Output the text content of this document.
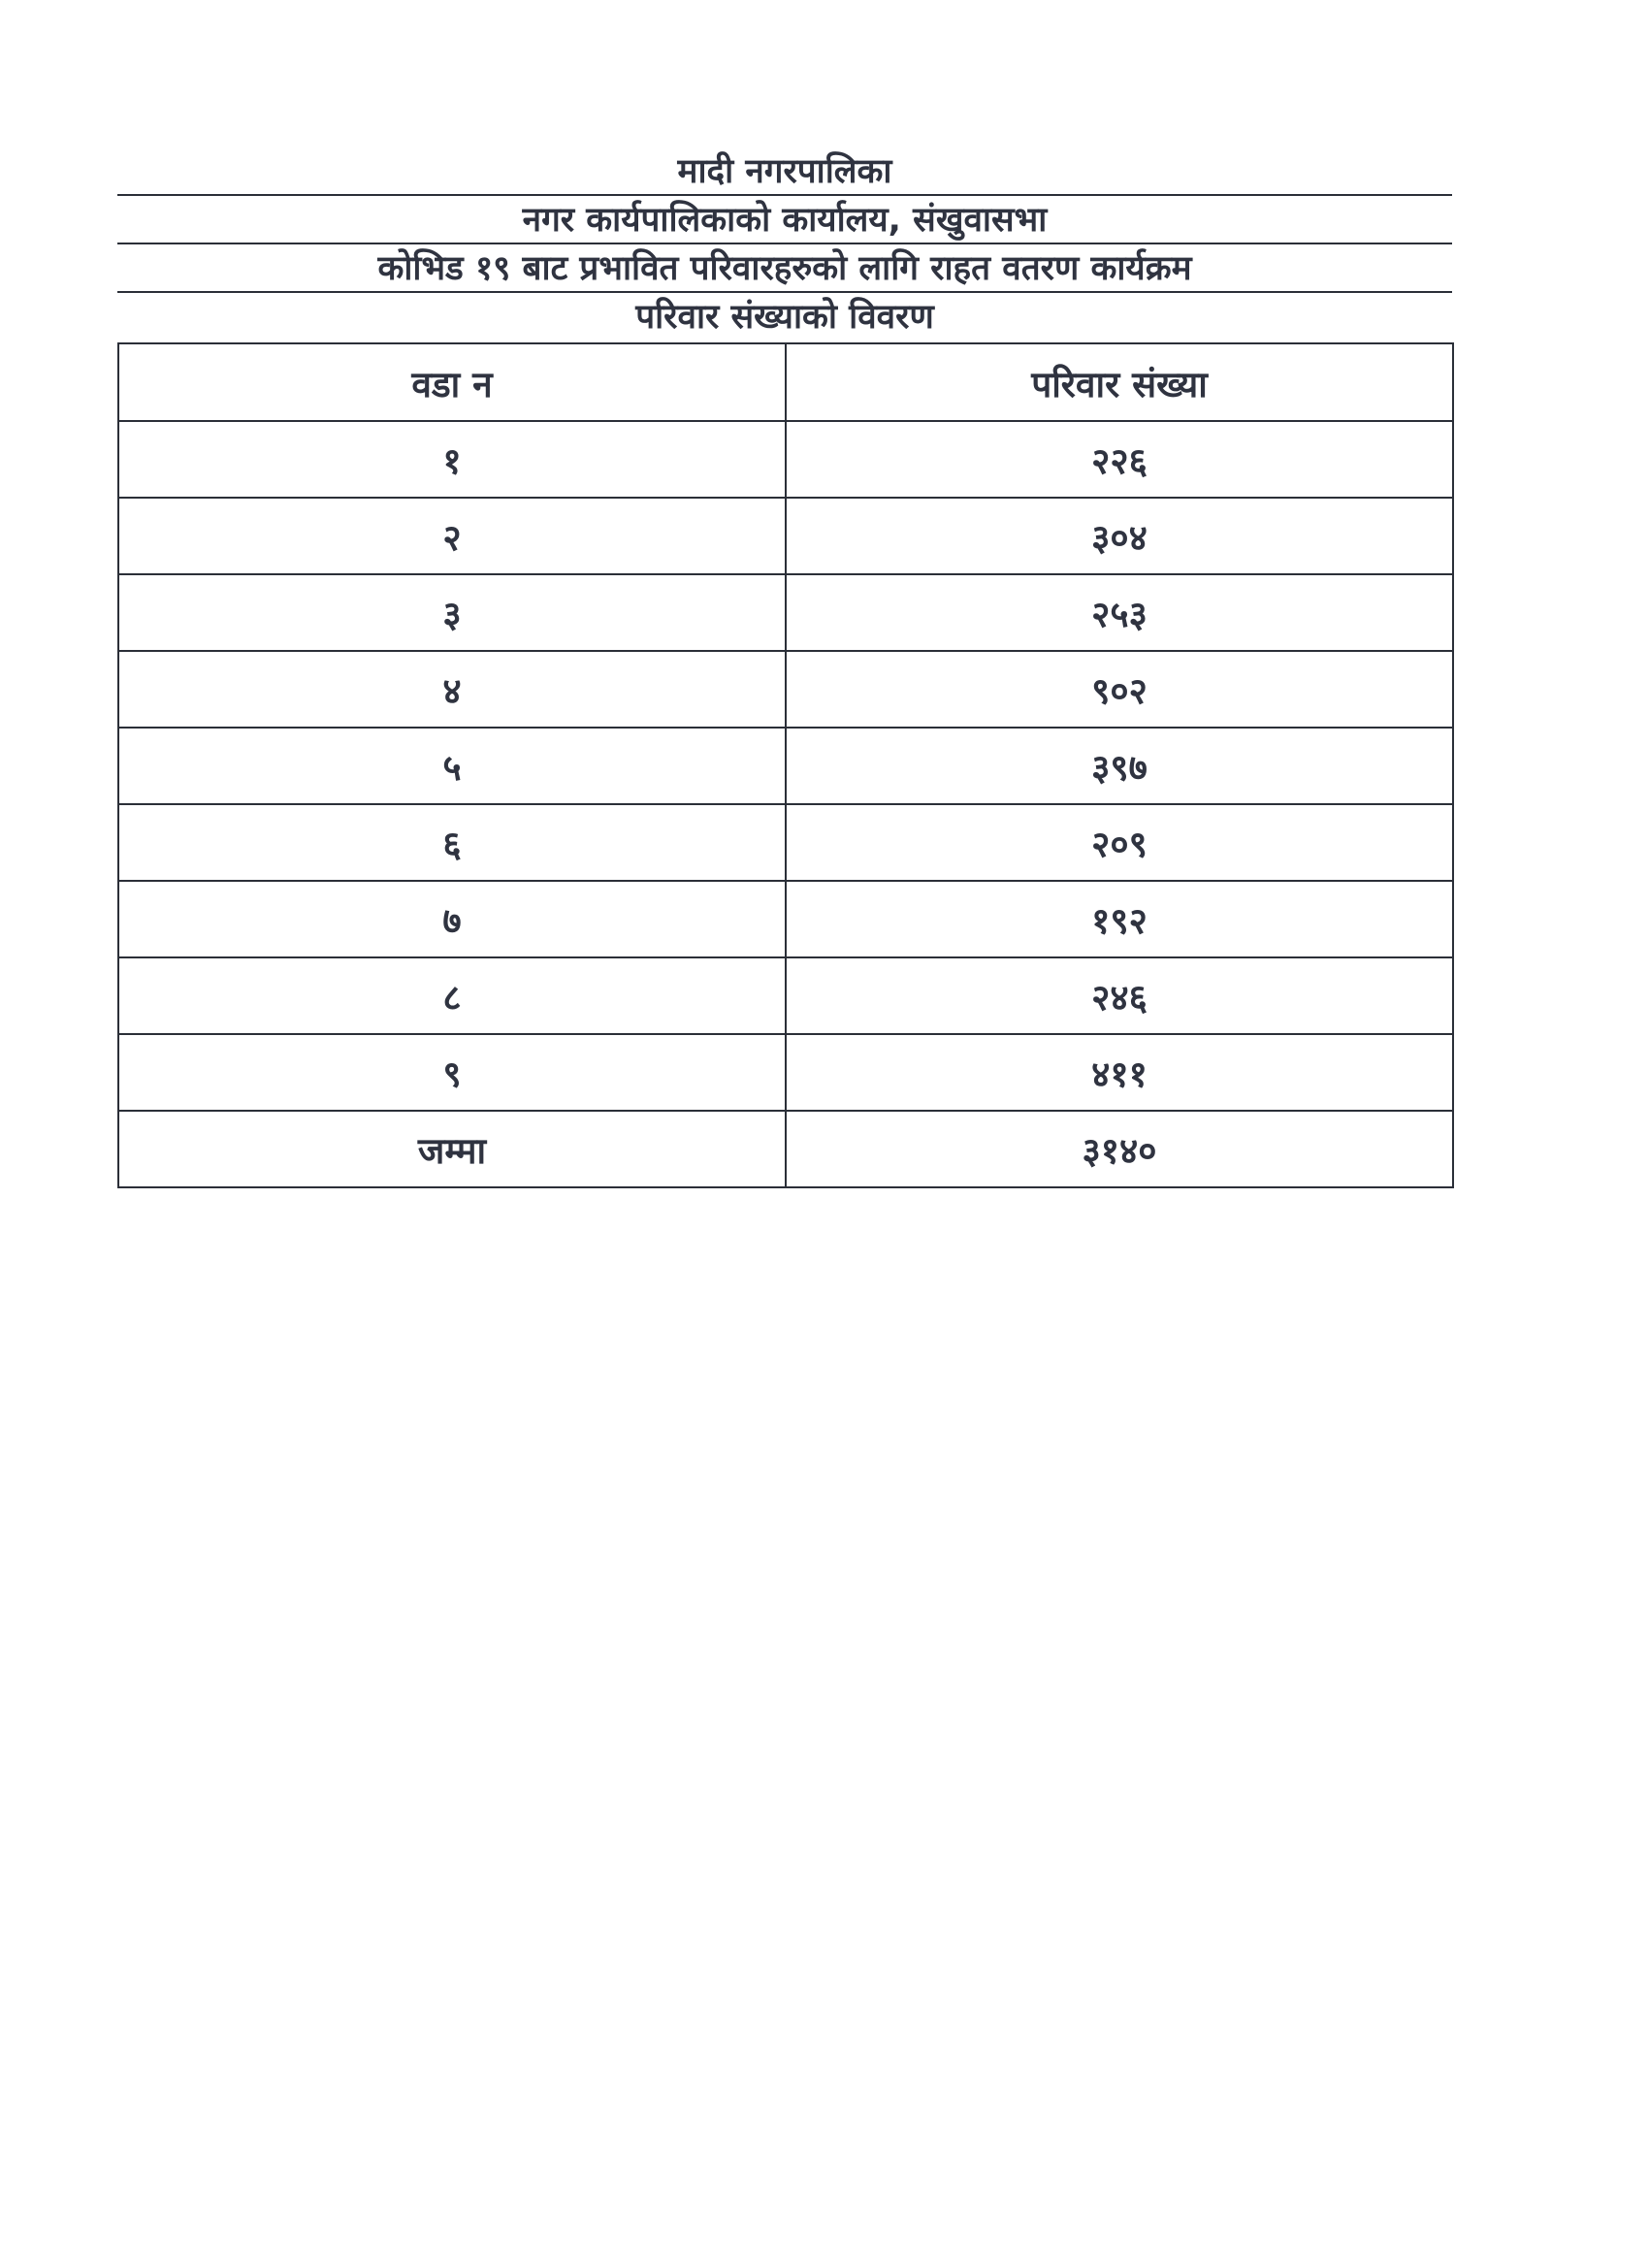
मादी नगरपालिका
नगर कार्यपालिकाको कार्यालय, संखुवासभा
कोभिड १९ बाट प्रभावित परिवारहरुको लागि राहत वतरण कार्यक्रम
परिवार संख्याको विवरण
वडा न	परिवार संख्या
१	२२६
२	३०४
३	२५३
४	९०२
५	३९७
६	२०९
७	१९२
८	२४६
९	४११
जम्मा	३१४०
